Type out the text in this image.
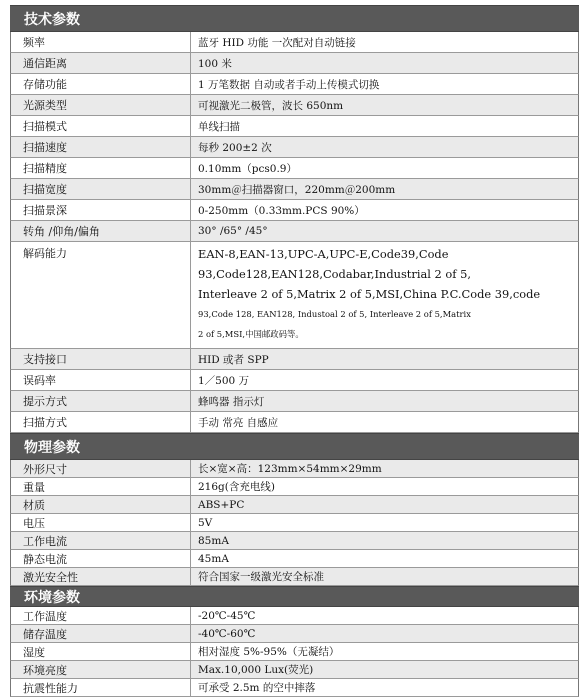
技术参数
频率	蓝牙 HID 功能 一次配对自动链接
通信距离	100 米
存储功能	1 万笔数据 自动或者手动上传模式切换
光源类型	可视激光二极管，波长 650nm
扫描模式	单线扫描
扫描速度	每秒 200±2 次
扫描精度	0.10mm（pcs0.9）
扫描宽度	30mm＠扫描器窗口，220mm＠200mm
扫描景深	0-250mm（0.33mm.PCS 90%）
转角 /仰角/偏角	30° /65° /45°
解码能力	EAN-8,EAN-13,UPC-A,UPC-E,Code39,Code
93,Code128,EAN128,Codabar,Industrial 2 of 5,
Interleave 2 of 5,Matrix 2 of 5,MSI,China P.C.Code 39,code
93,Code 128, EAN128, Industoal 2 of 5, Interleave 2 of 5,Matrix
2 of 5,MSI,中国邮政码等。
支持接口	HID 或者 SPP
误码率	1／500 万
提示方式	蜂鸣器 指示灯
扫描方式	手动 常亮 自感应
物理参数
外形尺寸	长×宽×高：123mm×54mm×29mm
重量	216g(含充电线)
材质	ABS+PC
电压	5V
工作电流	85mA
静态电流	45mA
激光安全性	符合国家一级激光安全标准
环境参数
工作温度	-20℃-45℃
储存温度	-40℃-60℃
湿度	相对湿度 5%-95%（无凝结）
环境亮度	Max.10,000 Lux(荧光)
抗震性能力	可承受 2.5m 的空中摔落
